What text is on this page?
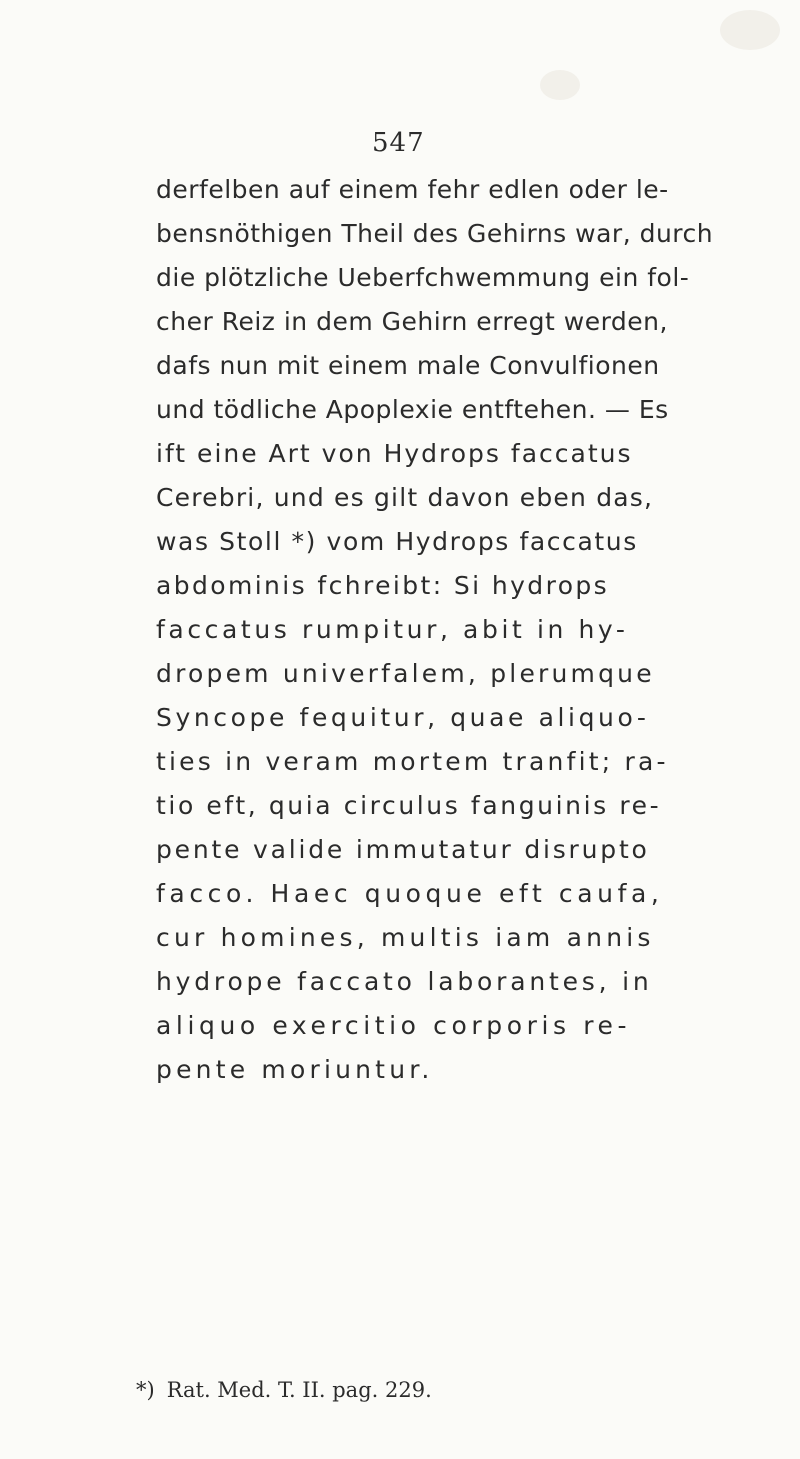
547
derfelben auf einem fehr edlen oder le-
bensnöthigen Theil des Gehirns war, durch
die plötzliche Ueberfchwemmung ein fol-
cher Reiz in dem Gehirn erregt werden,
dafs nun mit einem male Convulfionen
und tödliche Apoplexie entftehen. — Es
ift eine Art von Hydrops faccatus
Cerebri, und es gilt davon eben das,
was Stoll *) vom Hydrops faccatus
abdominis fchreibt: Si hydrops
faccatus rumpitur, abit in hy-
dropem univerfalem, plerumque
Syncope fequitur, quae aliquo-
ties in veram mortem tranfit; ra-
tio eft, quia circulus fanguinis re-
pente valide immutatur disrupto
facco. Haec quoque eft caufa,
cur homines, multis iam annis
hydrope faccato laborantes, in
aliquo exercitio corporis re-
pente moriuntur.
*) Rat. Med. T. II. pag. 229.
